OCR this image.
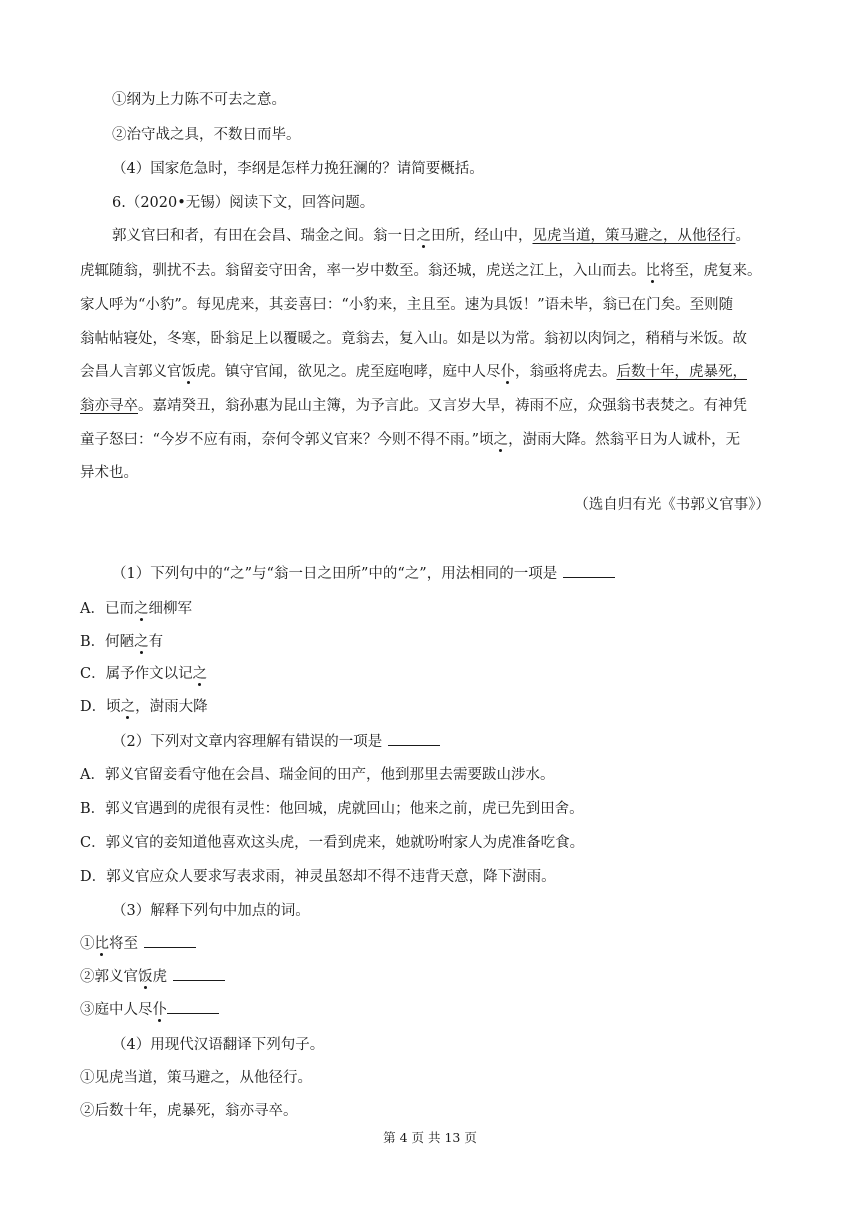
①纲为上力陈不可去之意。
②治守战之具，不数日而毕。
（4）国家危急时，李纲是怎样力挽狂澜的？请简要概括。
6.（2020•无锡）阅读下文，回答问题。
郭义官曰和者，有田在会昌、瑞金之间。翁一日之田所，经山中，见虎当道，策马避之，从他径行。
虎辄随翁，驯扰不去。翁留妾守田舍，率一岁中数至。翁还城，虎送之江上，入山而去。比将至，虎复来。
家人呼为“小豹”。每见虎来，其妾喜曰：“小豹来，主且至。速为具饭！”语未毕，翁已在门矣。至则随
翁帖帖寝处，冬寒，卧翁足上以覆暖之。竟翁去，复入山。如是以为常。翁初以肉饲之，稍稍与米饭。故
会昌人言郭义官饭虎。镇守官闻，欲见之。虎至庭咆哮，庭中人尽仆，翁亟将虎去。后数十年，虎暴死，
翁亦寻卒。嘉靖癸丑，翁孙惠为昆山主簿，为予言此。又言岁大旱，祷雨不应，众强翁书表焚之。有神凭
童子怒曰：“今岁不应有雨，奈何令郭义官来？今则不得不雨。”顷之，澍雨大降。然翁平日为人诚朴，无
异术也。
（选自归有光《书郭义官事》）
（1）下列句中的“之”与“翁一日之田所”中的“之”，用法相同的一项是
A．已而之细柳军
B．何陋之有
C．属予作文以记之
D．顷之，澍雨大降
（2）下列对文章内容理解有错误的一项是
A．郭义官留妾看守他在会昌、瑞金间的田产，他到那里去需要跋山涉水。
B．郭义官遇到的虎很有灵性：他回城，虎就回山；他来之前，虎已先到田舍。
C．郭义官的妾知道他喜欢这头虎，一看到虎来，她就吩咐家人为虎准备吃食。
D．郭义官应众人要求写表求雨，神灵虽怒却不得不违背天意，降下澍雨。
（3）解释下列句中加点的词。
①比将至
②郭义官饭虎
③庭中人尽仆
（4）用现代汉语翻译下列句子。
①见虎当道，策马避之，从他径行。
②后数十年，虎暴死，翁亦寻卒。
第 4 页 共 13 页
